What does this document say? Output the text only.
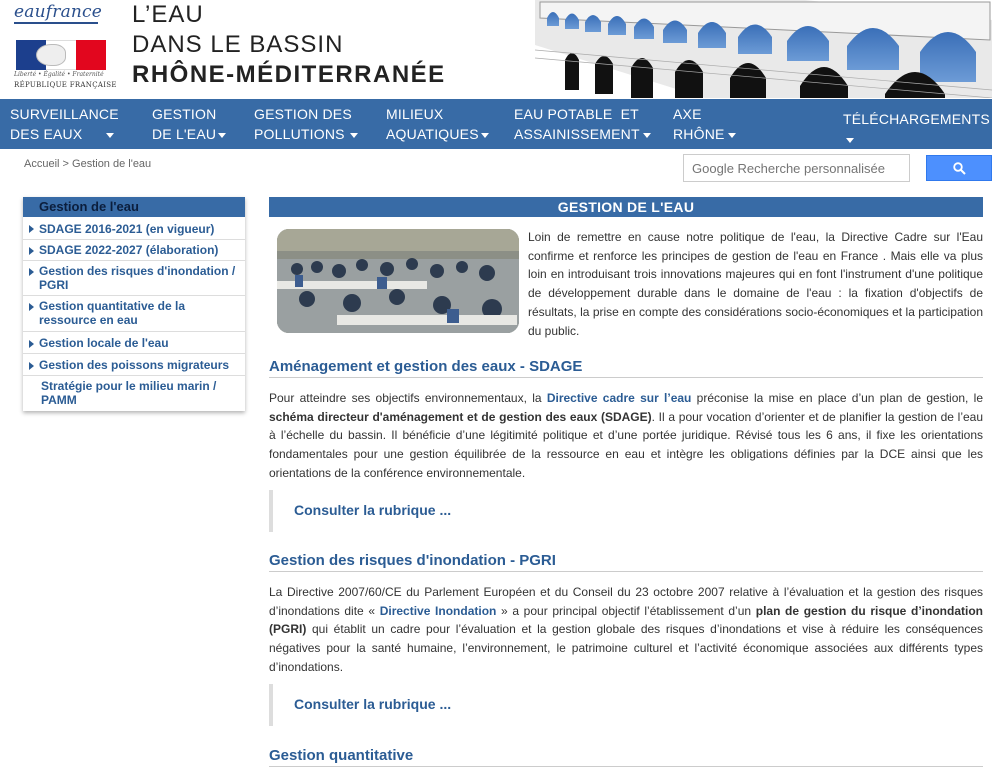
eaufrance
Liberté • Égalité • Fraternité
RÉPUBLIQUE FRANÇAISE
L’EAU
DANS LE BASSIN
RHÔNE-MÉDITERRANÉE
SURVEILLANCE
DES EAUX
GESTION
DE L'EAU
GESTION DES
POLLUTIONS
MILIEUX
AQUATIQUES
EAU POTABLE  ET
ASSAINISSEMENT
AXE
RHÔNE
TÉLÉCHARGEMENTS
Accueil > Gestion de l'eau
Google Recherche personnalisée
Gestion de l'eau
SDAGE 2016-2021 (en vigueur)
SDAGE 2022-2027 (élaboration)
Gestion des risques d'inondation / PGRI
Gestion quantitative de la ressource en eau
Gestion locale de l'eau
Gestion des poissons migrateurs
Stratégie pour le milieu marin / PAMM
GESTION DE L'EAU
Loin de remettre en cause notre politique de l'eau, la Directive Cadre sur l'Eau confirme et renforce les principes de gestion de l'eau en France . Mais elle va plus loin en introduisant trois innovations majeures qui en font l'instrument d'une politique de développement durable dans le domaine de l'eau : la fixation d'objectifs de résultats, la prise en compte des considérations socio-économiques et la participation du public.
Aménagement et gestion des eaux - SDAGE
Pour atteindre ses objectifs environnementaux, la Directive cadre sur l’eau préconise la mise en place d’un plan de gestion, le schéma directeur d'aménagement et de gestion des eaux (SDAGE). Il a pour vocation d’orienter et de planifier la gestion de l’eau à l’échelle du bassin. Il bénéficie d’une légitimité politique et d’une portée juridique. Révisé tous les 6 ans, il fixe les orientations fondamentales pour une gestion équilibrée de la ressource en eau et intègre les obligations définies par la DCE ainsi que les orientations de la conférence environnementale.
Consulter la rubrique ...
Gestion des risques d'inondation - PGRI
La Directive 2007/60/CE du Parlement Européen et du Conseil du 23 octobre 2007 relative à l’évaluation et la gestion des risques d’inondations dite « Directive Inondation » a pour principal objectif l’établissement d’un plan de gestion du risque d’inondation (PGRI) qui établit un cadre pour l’évaluation et la gestion globale des risques d’inondations et vise à réduire les conséquences négatives pour la santé humaine, l’environnement, le patrimoine culturel et l’activité économique associées aux différents types d’inondations.
Consulter la rubrique ...
Gestion quantitative
